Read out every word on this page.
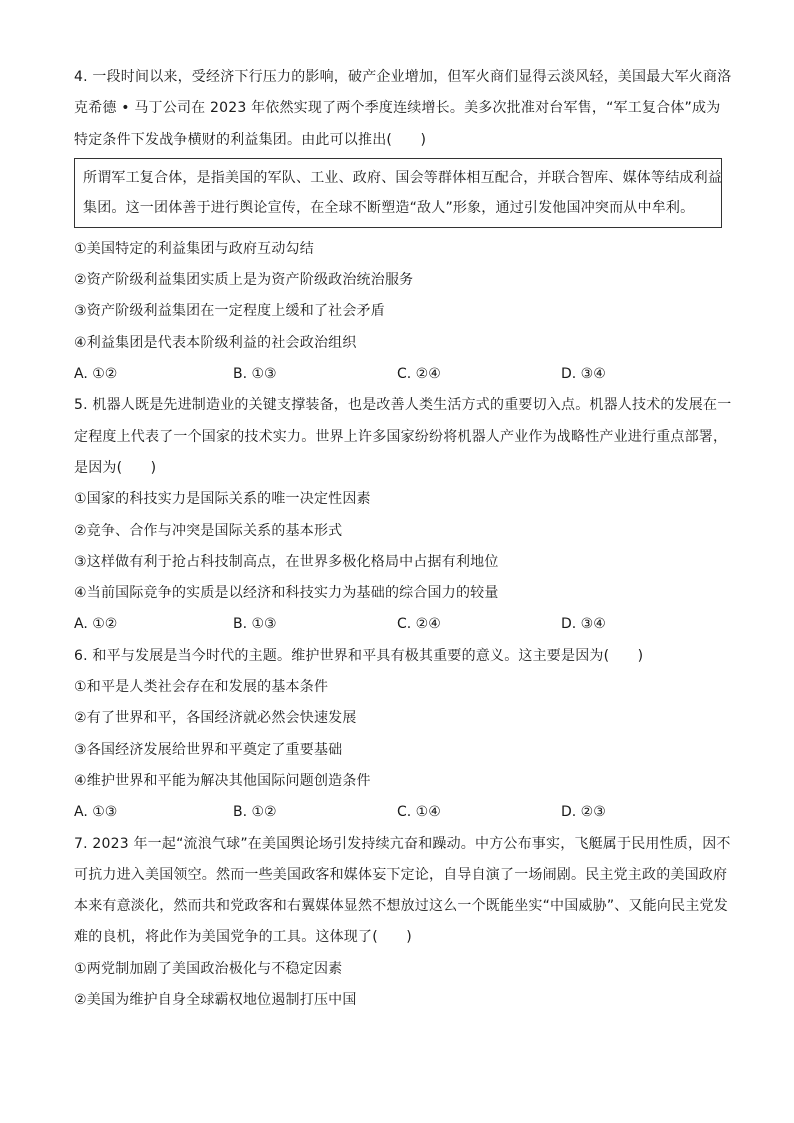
4. 一段时间以来，受经济下行压力的影响，破产企业增加，但军火商们显得云淡风轻，美国最大军火商洛
克希德 • 马丁公司在 2023 年依然实现了两个季度连续增长。美多次批准对台军售，“军工复合体”成为
特定条件下发战争横财的利益集团。由此可以推出(　　)
所谓军工复合体，是指美国的军队、工业、政府、国会等群体相互配合，并联合智库、媒体等结成利益
集团。这一团体善于进行舆论宣传，在全球不断塑造“敌人”形象，通过引发他国冲突而从中牟利。
①美国特定的利益集团与政府互动勾结
②资产阶级利益集团实质上是为资产阶级政治统治服务
③资产阶级利益集团在一定程度上缓和了社会矛盾
④利益集团是代表本阶级利益的社会政治组织
A. ①②	B. ①③	C. ②④	D. ③④
5. 机器人既是先进制造业的关键支撑装备，也是改善人类生活方式的重要切入点。机器人技术的发展在一
定程度上代表了一个国家的技术实力。世界上许多国家纷纷将机器人产业作为战略性产业进行重点部署，
是因为(　　)
①国家的科技实力是国际关系的唯一决定性因素
②竞争、合作与冲突是国际关系的基本形式
③这样做有利于抢占科技制高点，在世界多极化格局中占据有利地位
④当前国际竞争的实质是以经济和科技实力为基础的综合国力的较量
A. ①②	B. ①③	C. ②④	D. ③④
6. 和平与发展是当今时代的主题。维护世界和平具有极其重要的意义。这主要是因为(　　)
①和平是人类社会存在和发展的基本条件
②有了世界和平，各国经济就必然会快速发展
③各国经济发展给世界和平奠定了重要基础
④维护世界和平能为解决其他国际问题创造条件
A. ①③	B. ①②	C. ①④	D. ②③
7. 2023 年一起“流浪气球”在美国舆论场引发持续亢奋和躁动。中方公布事实，飞艇属于民用性质，因不
可抗力进入美国领空。然而一些美国政客和媒体妄下定论，自导自演了一场闹剧。民主党主政的美国政府
本来有意淡化，然而共和党政客和右翼媒体显然不想放过这么一个既能坐实“中国威胁”、又能向民主党发
难的良机，将此作为美国党争的工具。这体现了(　　)
①两党制加剧了美国政治极化与不稳定因素
②美国为维护自身全球霸权地位遏制打压中国
